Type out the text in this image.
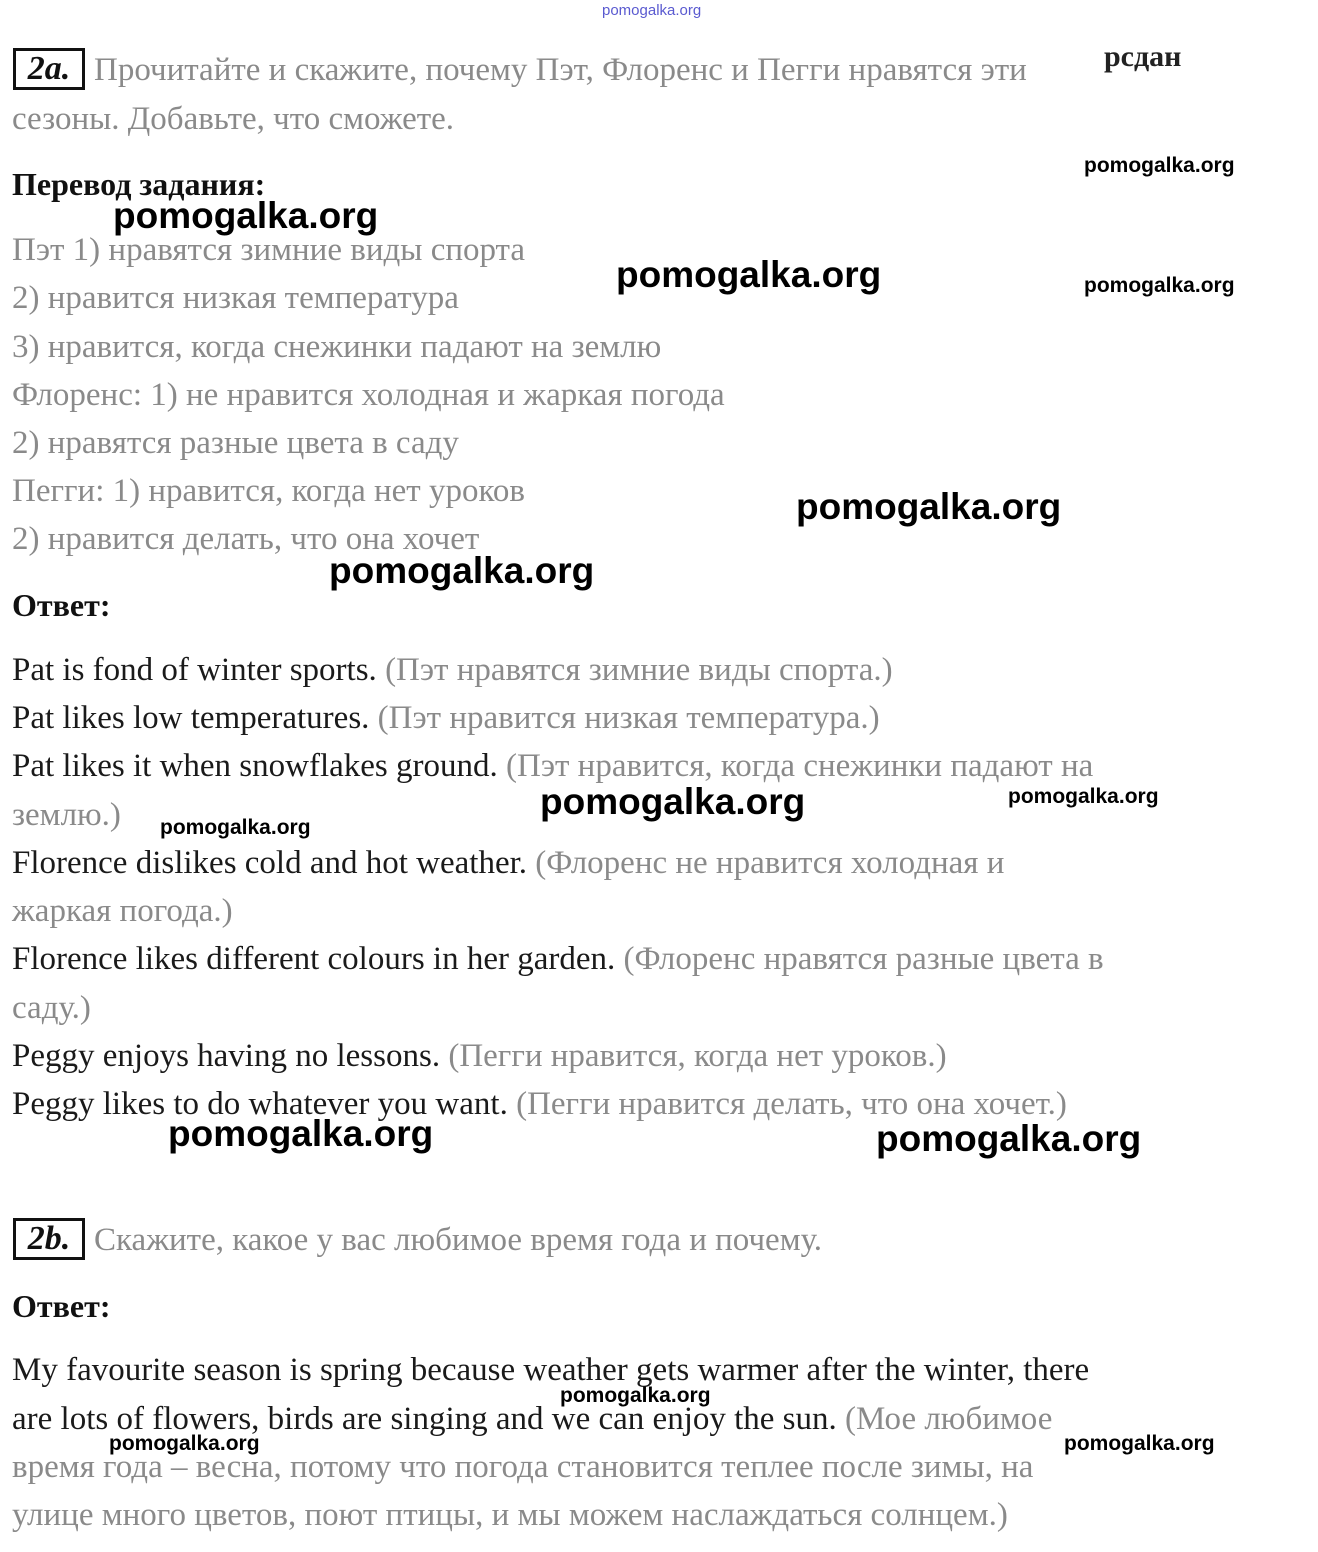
pomogalka.org
2a. Прочитайте и скажите, почему Пэт, Флоренс и Пегги нравятся эти	рсдан
сезоны. Добавьте, что сможете.
Перевод задания:
Пэт 1) нравятся зимние виды спорта
2) нравится низкая температура
3) нравится, когда снежинки падают на землю
Флоренс: 1) не нравится холодная и жаркая погода
2) нравятся разные цвета в саду
Пегги: 1) нравится, когда нет уроков
2) нравится делать, что она хочет
Ответ:
Pat is fond of winter sports. (Пэт нравятся зимние виды спорта.)
Pat likes low temperatures. (Пэт нравится низкая температура.)
Pat likes it when snowflakes ground. (Пэт нравится, когда снежинки падают на
землю.)
Florence dislikes cold and hot weather. (Флоренс не нравится холодная и
жаркая погода.)
Florence likes different colours in her garden. (Флоренс нравятся разные цвета в
саду.)
Peggy enjoys having no lessons. (Пегги нравится, когда нет уроков.)
Peggy likes to do whatever you want. (Пегги нравится делать, что она хочет.)
2b. Скажите, какое у вас любимое время года и почему.
Ответ:
My favourite season is spring because weather gets warmer after the winter, there
are lots of flowers, birds are singing and we can enjoy the sun. (Мое любимое
время года – весна, потому что погода становится теплее после зимы, на
улице много цветов, поют птицы, и мы можем наслаждаться солнцем.)
pomogalka.org
pomogalka.org
pomogalka.org	pomogalka.org
pomogalka.org
pomogalka.org
pomogalka.org	pomogalka.org
pomogalka.org
pomogalka.org	pomogalka.org
pomogalka.org
pomogalka.org	pomogalka.org
